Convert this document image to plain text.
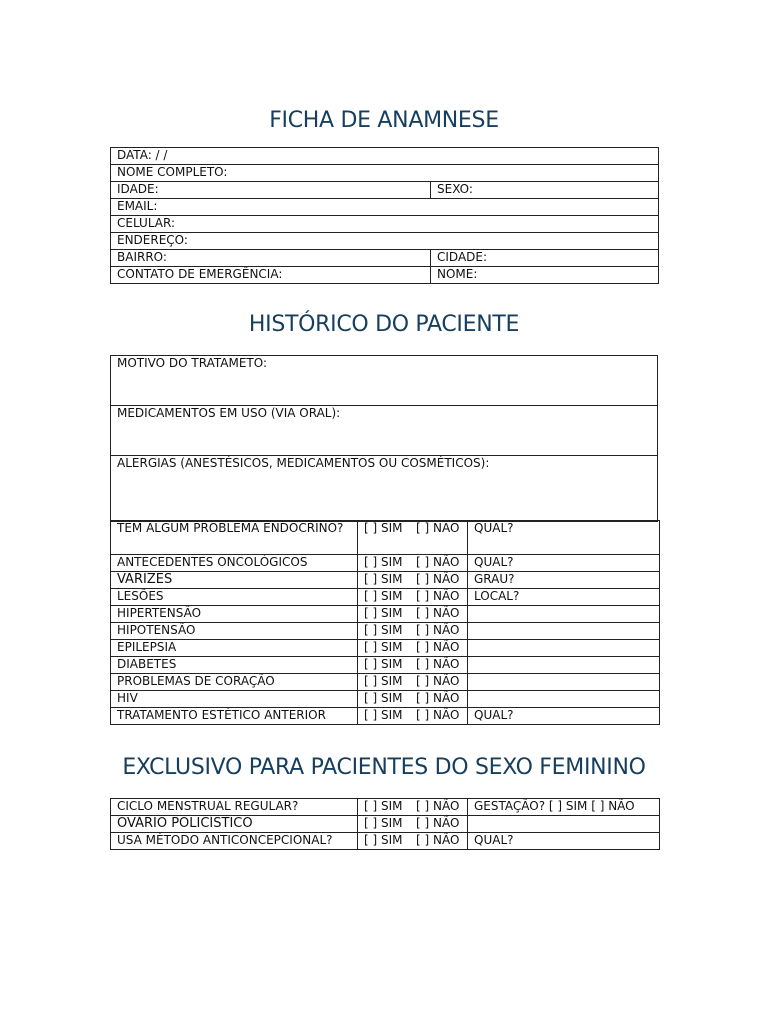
FICHA DE ANAMNESE
DATA: / /	
NOME COMPLETO:	
IDADE:	SEXO:
EMAIL:	
CELULAR:	
ENDEREÇO:	
BAIRRO:	CIDADE:
CONTATO DE EMERGÊNCIA:	NOME:
HISTÓRICO DO PACIENTE
MOTIVO DO TRATAMETO:
MEDICAMENTOS EM USO (VIA ORAL):
ALERGIAS (ANESTÉSICOS, MEDICAMENTOS OU COSMÉTICOS):
TEM ALGUM PROBLEMA ENDÓCRINO?	[ ] SIM [ ] NÃO	QUAL?
ANTECEDENTES ONCOLÓGICOS	[ ] SIM [ ] NÃO	QUAL?
VARIZES	[ ] SIM [ ] NÃO	GRAU?
LESÕES	[ ] SIM [ ] NÃO	LOCAL?
HIPERTENSÃO	[ ] SIM [ ] NÃO	
HIPOTENSÃO	[ ] SIM [ ] NÃO	
EPILEPSIA	[ ] SIM [ ] NÃO	
DIABETES	[ ] SIM [ ] NÃO	
PROBLEMAS DE CORAÇÃO	[ ] SIM [ ] NÃO	
HIV	[ ] SIM [ ] NÃO	
TRATAMENTO ESTÉTICO ANTERIOR	[ ] SIM [ ] NÃO	QUAL?
EXCLUSIVO PARA PACIENTES DO SEXO FEMININO
CICLO MENSTRUAL REGULAR?	[ ] SIM [ ] NÃO	GESTAÇÃO? [ ] SIM [ ] NÃO
OVÁRIO POLICÍSTICO	[ ] SIM [ ] NÃO	
USA MÉTODO ANTICONCEPCIONAL?	[ ] SIM [ ] NÃO	QUAL?
